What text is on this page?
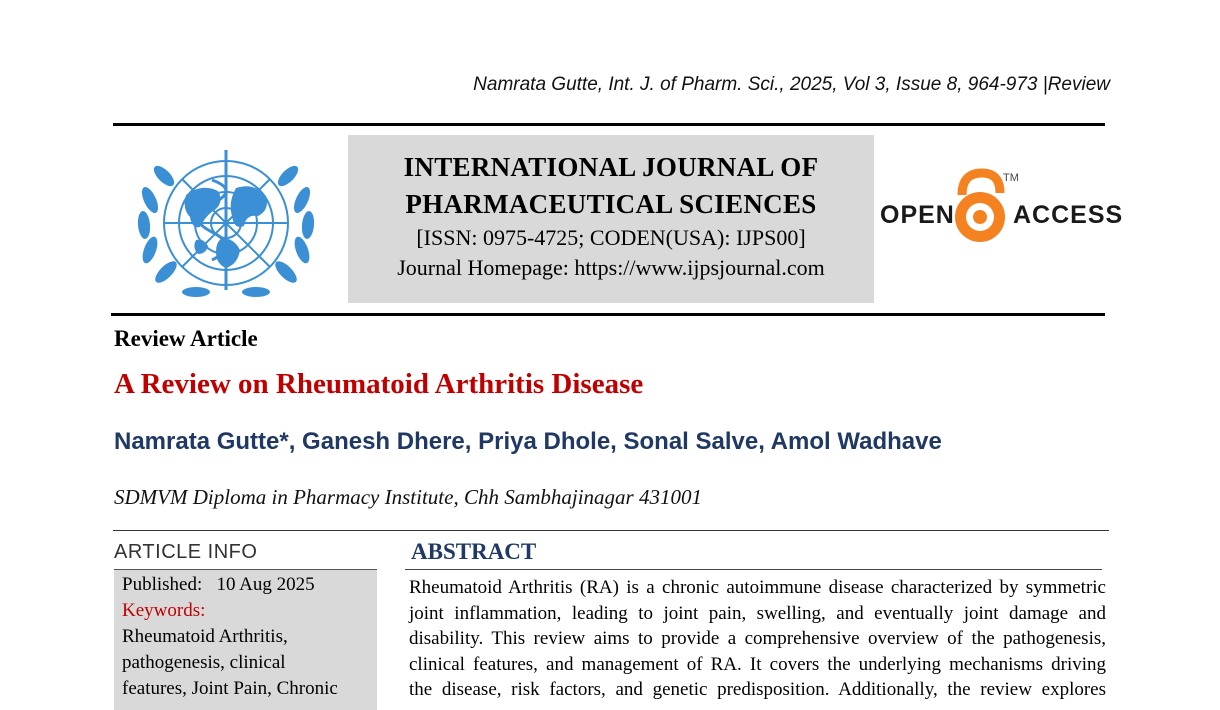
Namrata Gutte, Int. J. of Pharm. Sci., 2025, Vol 3, Issue 8, 964-973 |Review
INTERNATIONAL JOURNAL OF
PHARMACEUTICAL SCIENCES
[ISSN: 0975-4725; CODEN(USA): IJPS00]
Journal Homepage: https://www.ijpsjournal.com
OPEN
TM
ACCESS
Review Article
A Review on Rheumatoid Arthritis Disease
Namrata Gutte*, Ganesh Dhere, Priya Dhole, Sonal Salve, Amol Wadhave
SDMVM Diploma in Pharmacy Institute, Chh Sambhajinagar 431001
ARTICLE INFO
Published: 10 Aug 2025
Keywords:
Rheumatoid Arthritis,
pathogenesis, clinical
features, Joint Pain, Chronic
ABSTRACT
Rheumatoid Arthritis (RA) is a chronic autoimmune disease characterized by symmetric
joint inflammation, leading to joint pain, swelling, and eventually joint damage and
disability. This review aims to provide a comprehensive overview of the pathogenesis,
clinical features, and management of RA. It covers the underlying mechanisms driving
the disease, risk factors, and genetic predisposition. Additionally, the review explores
